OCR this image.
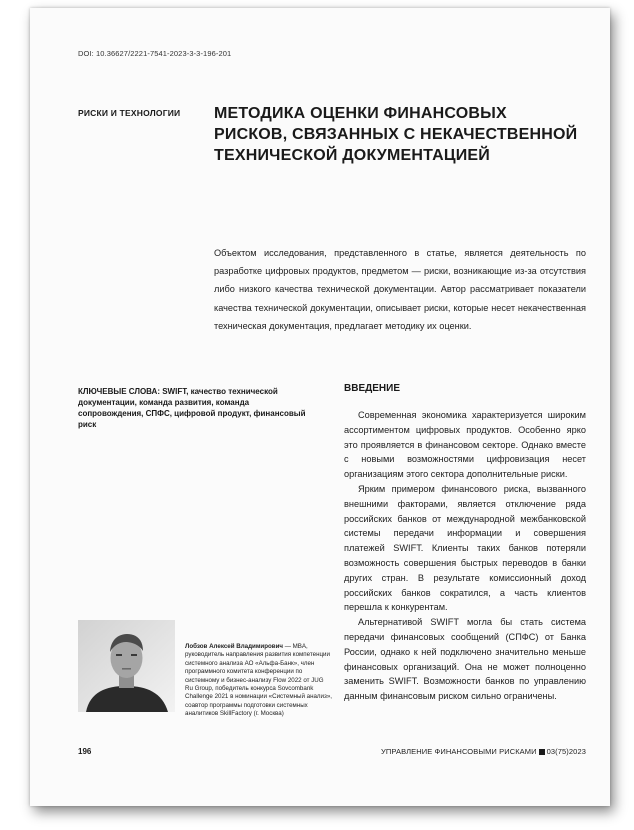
DOI: 10.36627/2221-7541-2023-3-3-196-201
РИСКИ И ТЕХНОЛОГИИ МЕТОДИКА ОЦЕНКИ ФИНАНСОВЫХ РИСКОВ, СВЯЗАННЫХ С НЕКАЧЕСТВЕННОЙ ТЕХНИЧЕСКОЙ ДОКУМЕНТАЦИЕЙ

Объектом исследования, представленного в статье, является деятельность по разработке цифровых продуктов, предметом — риски, возникающие из-за отсутствия либо низкого качества технической документации. Автор рассматривает показатели качества технической документации, описывает риски, которые несет некачественная техническая документация, предлагает методику их оценки.

КЛЮЧЕВЫЕ СЛОВА: SWIFT, качество технической документации, команда развития, команда сопровождения, СПФС, цифровой продукт, финансовый риск

ВВЕДЕНИЕ

Современная экономика характеризуется широким ассортиментом цифровых продуктов. Особенно ярко это проявляется в финансовом секторе. Однако вместе с новыми возможностями цифровизация несет организациям этого сектора дополнительные риски.

Ярким примером финансового риска, вызванного внешними факторами, является отключение ряда российских банков от международной межбанковской системы передачи информации и совершения платежей SWIFT. Клиенты таких банков потеряли возможность совершения быстрых переводов в банки других стран. В результате комиссионный доход российских банков сократился, а часть клиентов перешла к конкурентам.

Альтернативой SWIFT могла бы стать система передачи финансовых сообщений (СПФС) от Банка России, однако к ней подключено значительно меньше финансовых организаций. Она не может полноценно заменить SWIFT. Возможности банков по управлению данным финансовым риском сильно ограничены.

Лобзов Алексей Владимирович — MBA, руководитель направления развития компетенции системного анализа АО «Альфа-Банк», член программного комитета конференции по системному и бизнес-анализу Flow 2022 от JUG Ru Group, победитель конкурса Sovcombank Challenge 2021 в номинации «Системный анализ», соавтор программы подготовки системных аналитиков SkillFactory (г. Москва)

196	УПРАВЛЕНИЕ ФИНАНСОВЫМИ РИСКАМИ 03(75)2023
